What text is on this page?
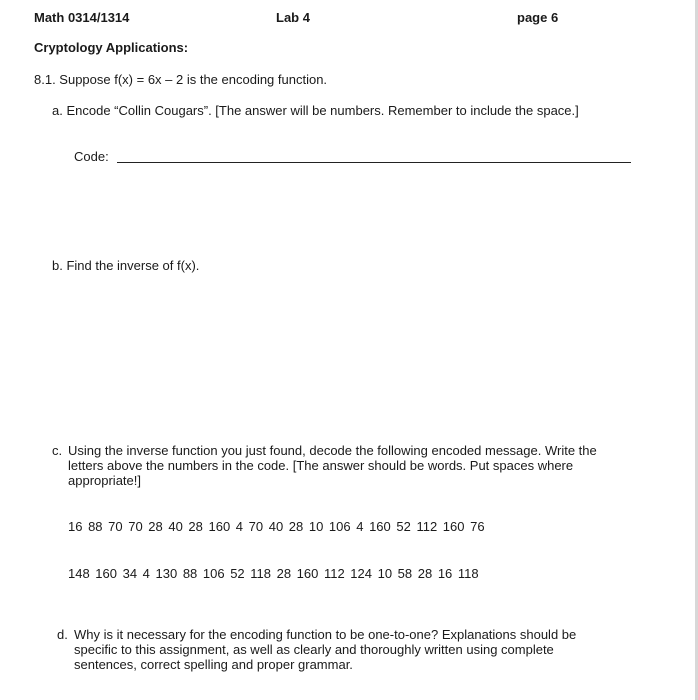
Math 0314/1314	Lab 4	page 6
Cryptology Applications:
8.1. Suppose f(x) = 6x – 2 is the encoding function.
a. Encode “Collin Cougars”. [The answer will be numbers. Remember to include the space.]
Code:
b. Find the inverse of f(x).
c. Using the inverse function you just found, decode the following encoded message. Write the letters above the numbers in the code. [The answer should be words. Put spaces where appropriate!]
16 88 70 70 28 40 28 160 4 70 40 28 10 106 4 160 52 112 160 76
148 160 34 4 130 88 106 52 118 28 160 112 124 10 58 28 16 118
d. Why is it necessary for the encoding function to be one-to-one? Explanations should be specific to this assignment, as well as clearly and thoroughly written using complete sentences, correct spelling and proper grammar.
